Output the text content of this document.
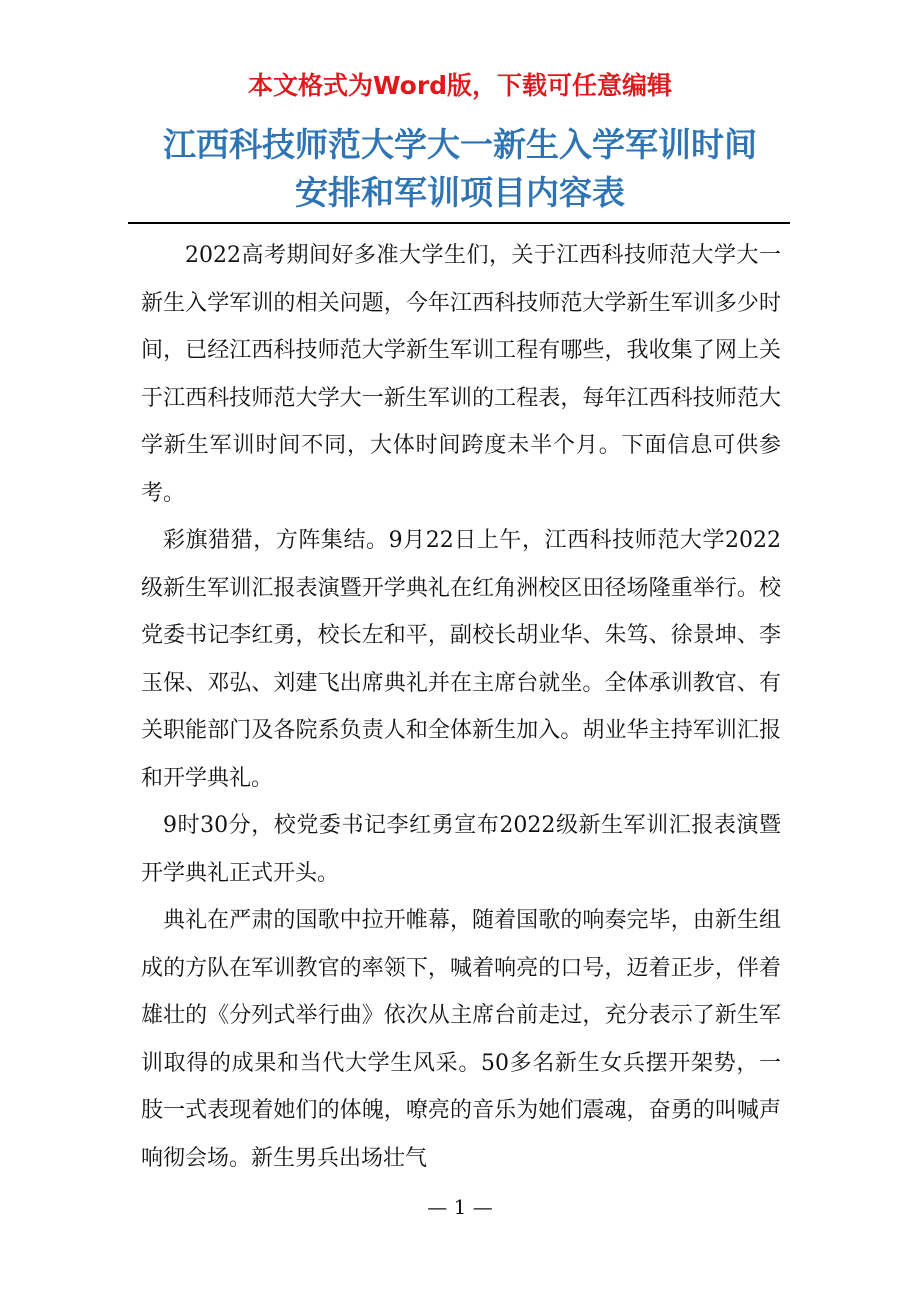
本文格式为Word版，下载可任意编辑
江西科技师范大学大一新生入学军训时间
安排和军训项目内容表

2022高考期间好多准大学生们，关于江西科技师范大学大一新生入学军训的相关问题，今年江西科技师范大学新生军训多少时间，已经江西科技师范大学新生军训工程有哪些，我收集了网上关于江西科技师范大学大一新生军训的工程表，每年江西科技师范大学新生军训时间不同，大体时间跨度未半个月。下面信息可供参考。

彩旗猎猎，方阵集结。9月22日上午，江西科技师范大学2022级新生军训汇报表演暨开学典礼在红角洲校区田径场隆重举行。校党委书记李红勇，校长左和平，副校长胡业华、朱笃、徐景坤、李玉保、邓弘、刘建飞出席典礼并在主席台就坐。全体承训教官、有关职能部门及各院系负责人和全体新生加入。胡业华主持军训汇报和开学典礼。

9时30分，校党委书记李红勇宣布2022级新生军训汇报表演暨开学典礼正式开头。

典礼在严肃的国歌中拉开帷幕，随着国歌的响奏完毕，由新生组成的方队在军训教官的率领下，喊着响亮的口号，迈着正步，伴着雄壮的《分列式举行曲》依次从主席台前走过，充分表示了新生军训取得的成果和当代大学生风采。50多名新生女兵摆开架势，一肢一式表现着她们的体魄，嘹亮的音乐为她们震魂，奋勇的叫喊声响彻会场。新生男兵出场壮气

— 1 —
